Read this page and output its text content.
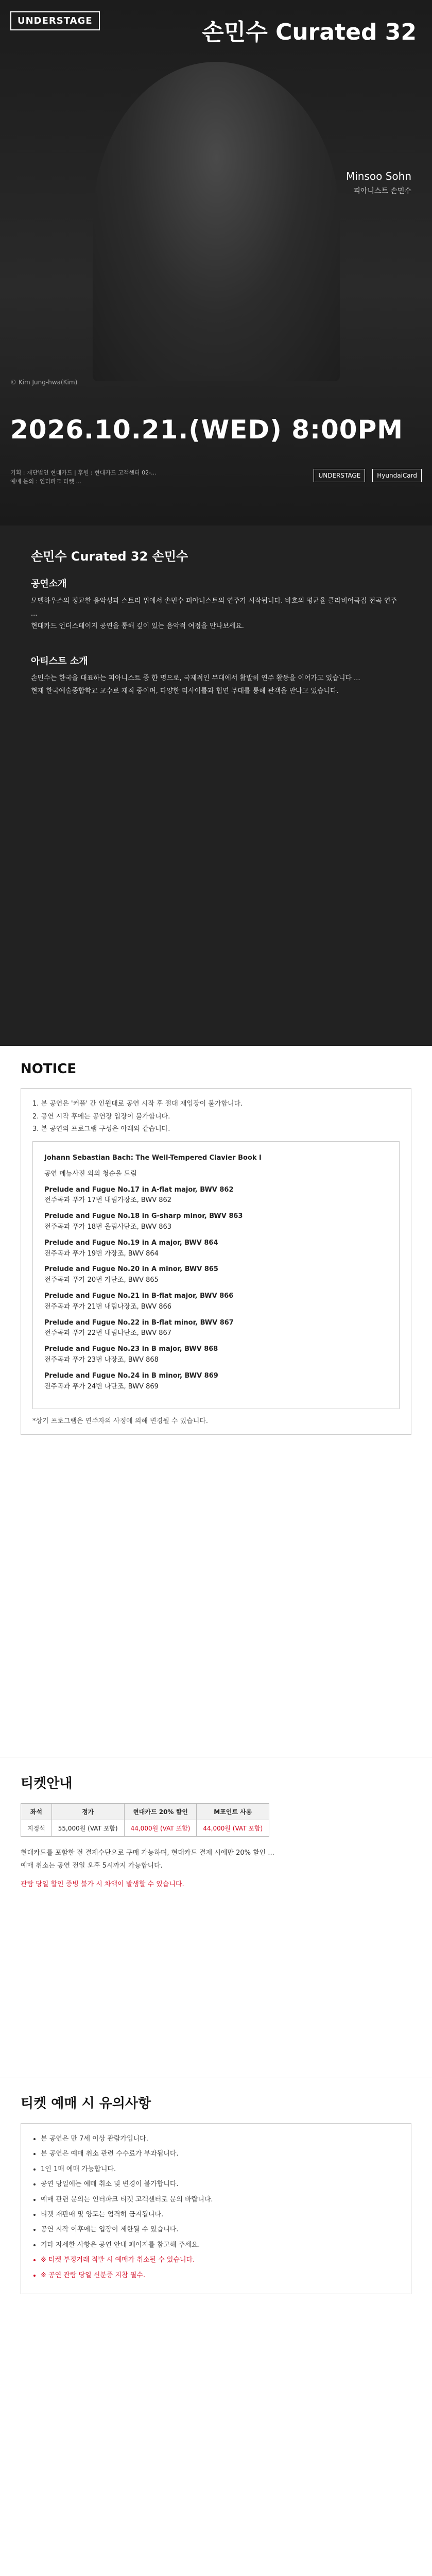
UNDERSTAGE	손민수 Curated 32
Minsoo Sohn
피아니스트 손민수
© Kim Jung-hwa(Kim)
2026.10.21.(WED) 8:00PM
기획 : 재단법인 현대카드 | 후원 : 현대카드 고객센터 02-...
예매 문의 : 인터파크 티켓 ...
UNDERSTAGE	HyundaiCard
손민수 Curated 32 손민수
공연소개
모델하우스의 정교한 음악성과 스토리 위에서 손민수 피아니스트의 연주가 시작됩니다. 바흐의 평균율 클라비어곡집 전곡 연주 ...
현대카드 언더스테이지 공연을 통해 깊이 있는 음악적 여정을 만나보세요.
아티스트 소개
손민수는 한국을 대표하는 피아니스트 중 한 명으로, 국제적인 무대에서 활발히 연주 활동을 이어가고 있습니다 ...
현재 한국예술종합학교 교수로 재직 중이며, 다양한 리사이틀과 협연 무대를 통해 관객을 만나고 있습니다.
NOTICE
1. 본 공연은 '커플' 간 인원대로 공연 시작 후 절대 재입장이 불가합니다.
2. 공연 시작 후에는 공연장 입장이 불가합니다.
3. 본 공연의 프로그램 구성은 아래와 같습니다.
Johann Sebastian Bach: The Well-Tempered Clavier Book I
공연 메뉴사진 외의 청순을 드림
Prelude and Fugue No.17 in A-flat major, BWV 862
전주곡과 푸가 17번 내림가장조, BWV 862
Prelude and Fugue No.18 in G-sharp minor, BWV 863
전주곡과 푸가 18번 올림사단조, BWV 863
Prelude and Fugue No.19 in A major, BWV 864
전주곡과 푸가 19번 가장조, BWV 864
Prelude and Fugue No.20 in A minor, BWV 865
전주곡과 푸가 20번 가단조, BWV 865
Prelude and Fugue No.21 in B-flat major, BWV 866
전주곡과 푸가 21번 내림나장조, BWV 866
Prelude and Fugue No.22 in B-flat minor, BWV 867
전주곡과 푸가 22번 내림나단조, BWV 867
Prelude and Fugue No.23 in B major, BWV 868
전주곡과 푸가 23번 나장조, BWV 868
Prelude and Fugue No.24 in B minor, BWV 869
전주곡과 푸가 24번 나단조, BWV 869
*상기 프로그램은 연주자의 사정에 의해 변경될 수 있습니다.
티켓안내
좌석	정가	현대카드 20% 할인	M포인트 사용
지정석	55,000원 (VAT 포함)	44,000원 (VAT 포함)	44,000원 (VAT 포함)
현대카드를 포함한 전 결제수단으로 구매 가능하며, 현대카드 결제 시에만 20% 할인 ...
예매 취소는 공연 전일 오후 5시까지 가능합니다.
관람 당일 할인 증빙 불가 시 차액이 발생할 수 있습니다.
티켓 예매 시 유의사항
• 본 공연은 만 7세 이상 관람가입니다.
• 본 공연은 예매 취소 관련 수수료가 부과됩니다.
• 1인 1매 예매 가능합니다.
• 공연 당일에는 예매 취소 및 변경이 불가합니다.
• 예매 관련 문의는 인터파크 티켓 고객센터로 문의 바랍니다.
• 티켓 재판매 및 양도는 엄격히 금지됩니다.
• 공연 시작 이후에는 입장이 제한될 수 있습니다.
• 기타 자세한 사항은 공연 안내 페이지를 참고해 주세요.
• ※ 티켓 부정거래 적발 시 예매가 취소될 수 있습니다.
• ※ 공연 관람 당일 신분증 지참 필수.
